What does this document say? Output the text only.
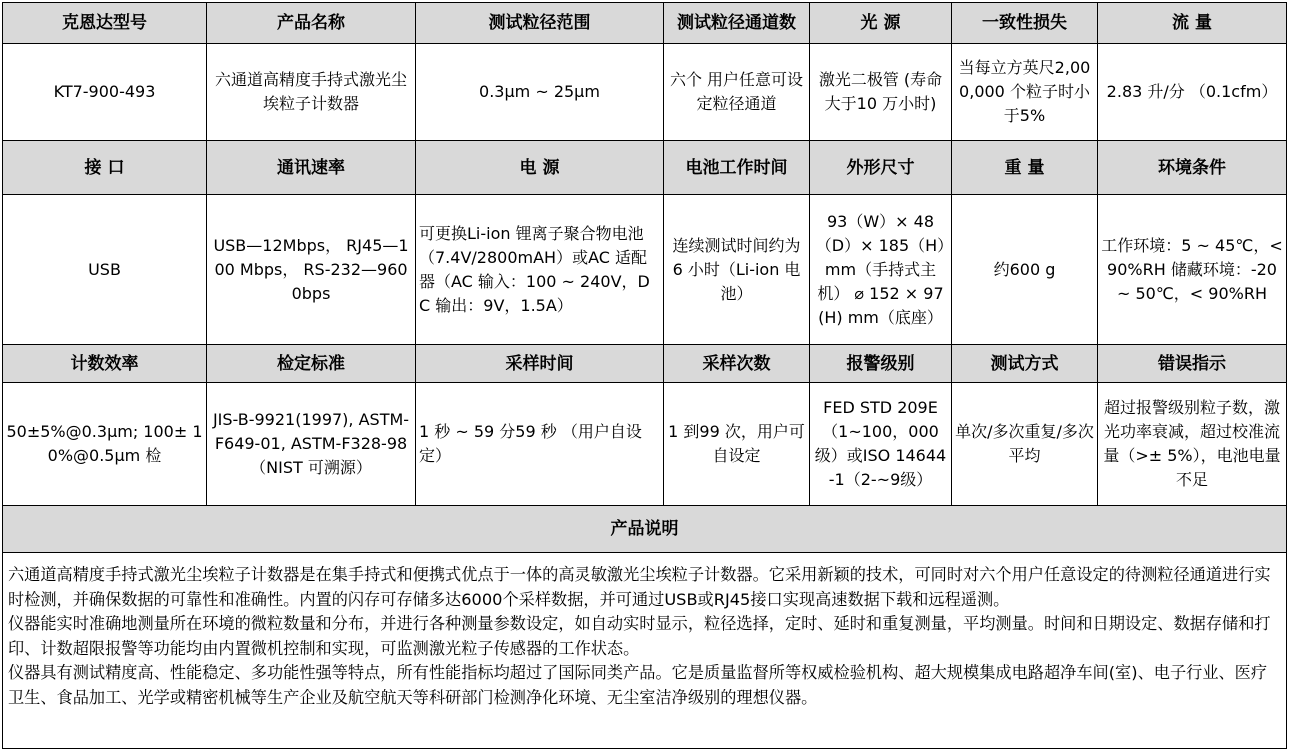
克恩达型号	产品名称	测试粒径范围	测试粒径通道数	光 源	一致性损失	流 量
KT7-900-493	六通道高精度手持式激光尘埃粒子计数器	0.3μm ~ 25μm	六个 用户任意可设定粒径通道	激光二极管 (寿命大于10 万小时)	当每立方英尺2,000,000 个粒子时小于5%	2.83 升/分 （0.1cfm）
接 口	通讯速率	电 源	电池工作时间	外形尺寸	重 量	环境条件
USB	USB—12Mbps， RJ45—100 Mbps， RS-232—9600bps	可更换Li-ion 锂离子聚合物电池（7.4V/2800mAH）或AC 适配器（AC 输入：100 ~ 240V，DC 输出：9V，1.5A）	连续测试时间约为 6 小时（Li-ion 电池）	93（W）× 48（D）× 185（H）mm（手持式主机） ⌀ 152 × 97 (H) mm（底座）	约600 g	工作环境：5 ~ 45℃，< 90%RH 储藏环境：-20 ~ 50℃，< 90%RH
计数效率	检定标准	采样时间	采样次数	报警级别	测试方式	错误指示
50±5%@0.3μm; 100± 10%@0.5μm 检	JIS-B-9921(1997), ASTM-F649-01, ASTM-F328-98 （NIST 可溯源）	1 秒 ~ 59 分59 秒 （用户自设定）	1 到99 次，用户可自设定	FED STD 209E （1~100，000级）或ISO 14644-1（2-~9级）	单次/多次重复/多次平均	超过报警级别粒子数，激光功率衰减，超过校准流量（>± 5%），电池电量不足
产品说明						

六通道高精度手持式激光尘埃粒子计数器是在集手持式和便携式优点于一体的高灵敏激光尘埃粒子计数器。它采用新颖的技术，可同时对六个用户任意设定的待测粒径通道进行实时检测，并确保数据的可靠性和准确性。内置的闪存可存储多达6000个采样数据，并可通过USB或RJ45接口实现高速数据下载和远程遥测。
仪器能实时准确地测量所在环境的微粒数量和分布，并进行各种测量参数设定，如自动实时显示，粒径选择，定时、延时和重复测量，平均测量。时间和日期设定、数据存储和打印、计数超限报警等功能均由内置微机控制和实现，可监测激光粒子传感器的工作状态。
仪器具有测试精度高、性能稳定、多功能性强等特点，所有性能指标均超过了国际同类产品。它是质量监督所等权威检验机构、超大规模集成电路超净车间(室)、电子行业、医疗卫生、食品加工、光学或精密机械等生产企业及航空航天等科研部门检测净化环境、无尘室洁净级别的理想仪器。						
